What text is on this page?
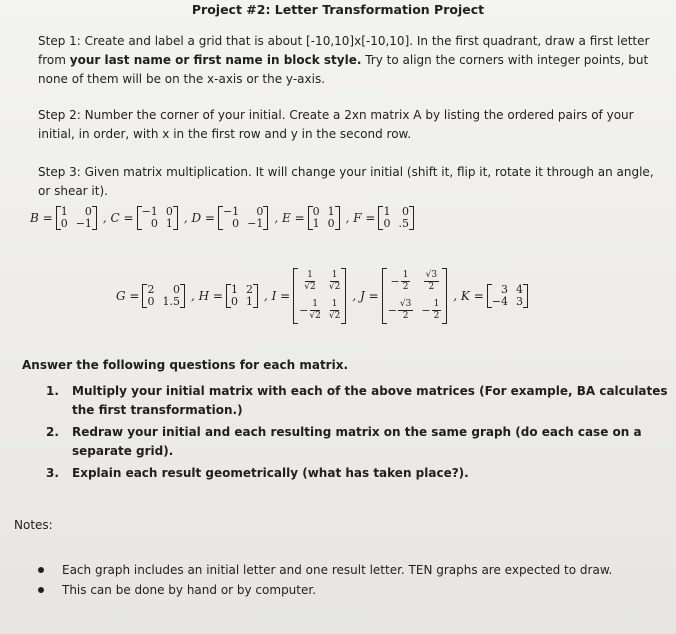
Project #2: Letter Transformation Project
Step 1: Create and label a grid that is about [-10,10]x[-10,10]. In the first quadrant, draw a first letter from your last name or first name in block style. Try to align the corners with integer points, but none of them will be on the x-axis or the y-axis.
Step 2: Number the corner of your initial. Create a 2xn matrix A by listing the ordered pairs of your initial, in order, with x in the first row and y in the second row.
Step 3: Given matrix multiplication. It will change your initial (shift it, flip it, rotate it through an angle, or shear it).
B = 1	0
0 −1 , C = −1 0
0 1 , D = −1	0
0 −1 , E = 0 1
1 0 , F = 1	0
0 .5
G = 2	0
0 1.5 , H = 1 2
0 1 , I =
$\frac{1}{√2} \frac{1}{√2}$
− $\frac{1}{√2} \frac{1}{√2}$
, J =
− $\frac{1}{2} \frac{√3}{2}$
− $\frac{√3}{2} - \frac{1}{2}$
, K =	3 4
−4 3
Answer the following questions for each matrix.
1. Multiply your initial matrix with each of the above matrices (For example, BA calculates the first transformation.)
2. Redraw your initial and each resulting matrix on the same graph (do each case on a separate grid).
3. Explain each result geometrically (what has taken place?).
Notes:
Each graph includes an initial letter and one result letter. TEN graphs are expected to draw.
This can be done by hand or by computer.
